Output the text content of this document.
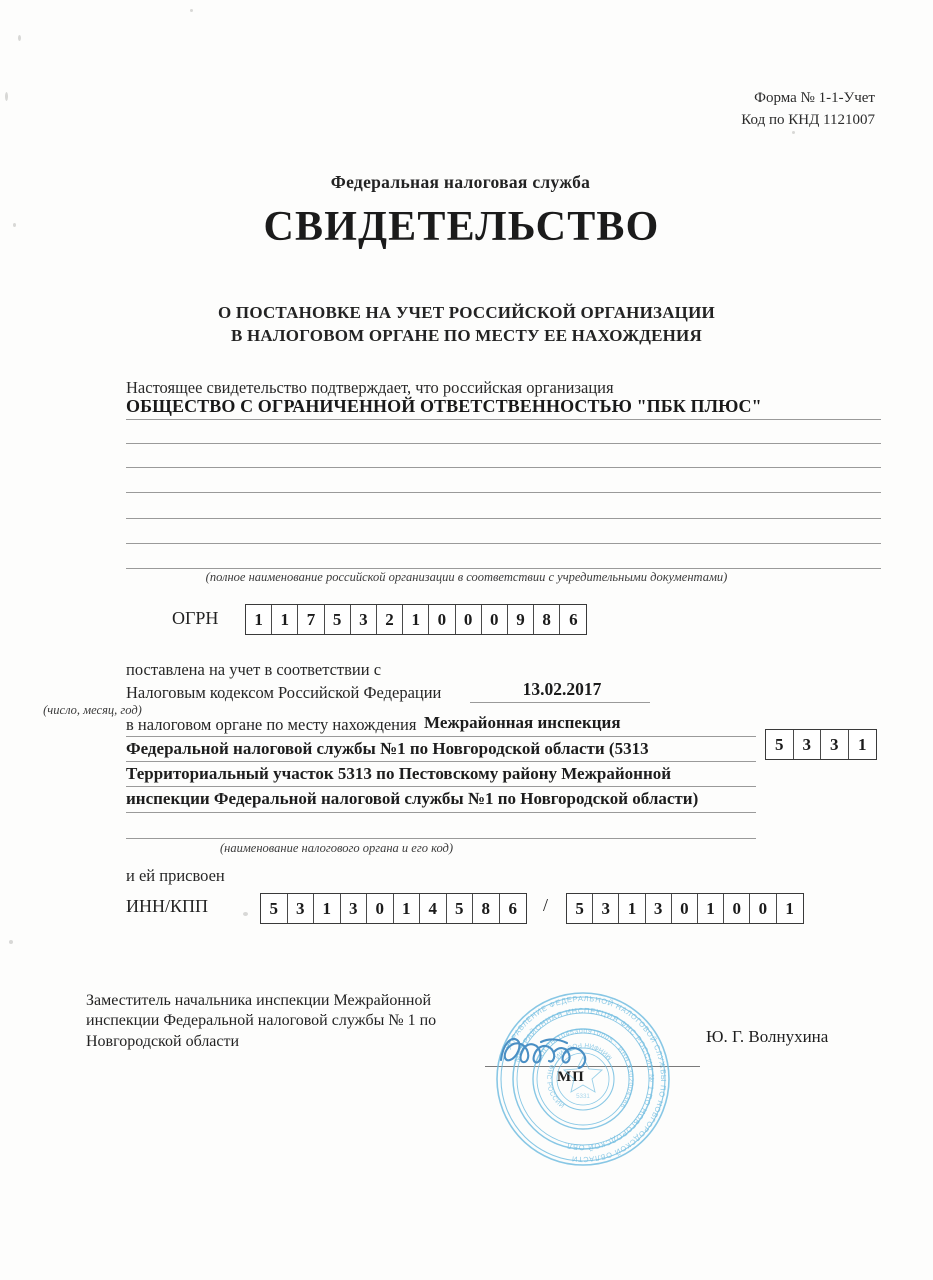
Форма № 1-1-Учет
Код по КНД 1121007
Федеральная налоговая служба
СВИДЕТЕЛЬСТВО
О ПОСТАНОВКЕ НА УЧЕТ РОССИЙСКОЙ ОРГАНИЗАЦИИ
В НАЛОГОВОМ ОРГАНЕ ПО МЕСТУ ЕЕ НАХОЖДЕНИЯ
Настоящее свидетельство подтверждает, что российская организация
ОБЩЕСТВО С ОГРАНИЧЕННОЙ ОТВЕТСТВЕННОСТЬЮ "ПБК ПЛЮС"
(полное наименование российской организации в соответствии с учредительными документами)
ОГРН	1	1	7	5	3	2	1	0	0	0	9	8	6
поставлена на учет в соответствии с
Налоговым кодексом Российской Федерации	13.02.2017
(число, месяц, год)
в налоговом органе по месту нахождения Межрайонная инспекция
Федеральной налоговой службы №1 по Новгородской области (5313
Территориальный участок 5313 по Пестовскому району Межрайонной
инспекции Федеральной налоговой службы №1 по Новгородской области)
5	3	3	1
(наименование налогового органа и его код)
и ей присвоен
ИНН/КПП	5	3	1	3	0	1	4	5	8	6	/	5	3	1	3	0	1	0	0	1
Заместитель начальника инспекции Межрайонной инспекции Федеральной налоговой службы № 1 по Новгородской области	Ю. Г. Волнухина
МП
УПРАВЛЕНИЕ ФЕДЕРАЛЬНОЙ НАЛОГОВОЙ СЛУЖБЫ ПО НОВГОРОДСКОЙ ОБЛАСТИ
МЕЖРАЙОННАЯ ИНСПЕКЦИЯ ФНС РОССИИ № 1 ПО НОВГОРОДСКОЙ ОБЛ.
ОГРН 1045300910005 · ИНН 5302004366
МИНФИН РОССИИ · ФНС РОССИИ
5331
